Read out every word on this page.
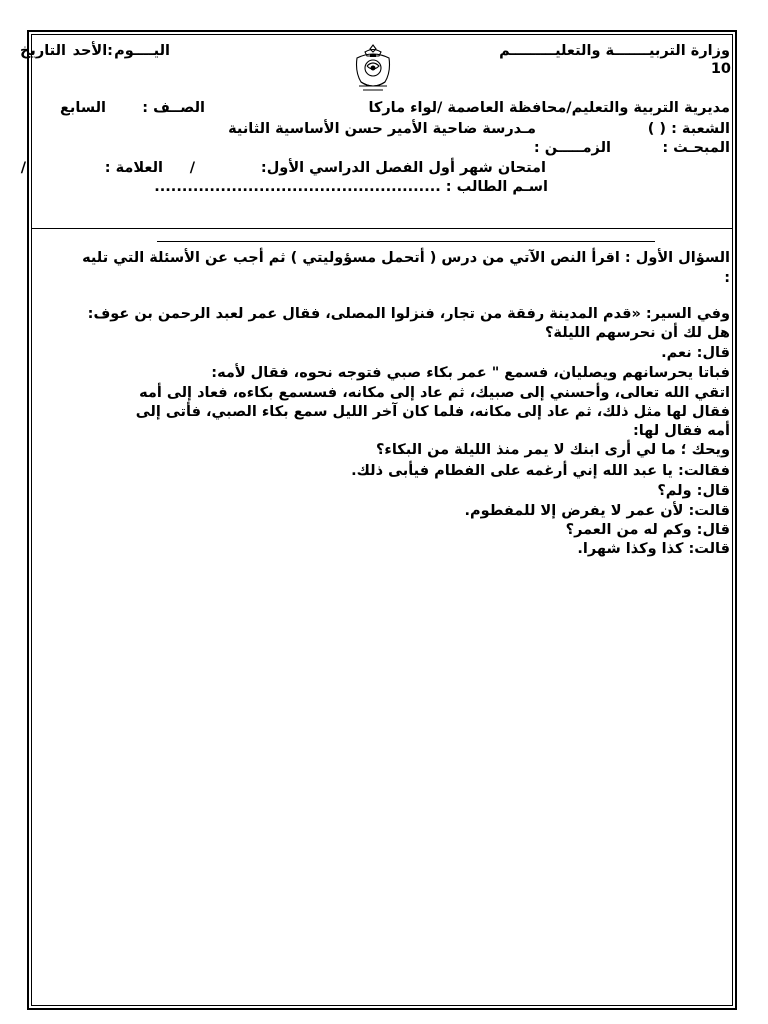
وزارة التربيـــــــة والتعليـــــــــم
اليــــوم
:الأحد
التاريخ
10
مديرية التربية والتعليم/محافظة العاصمة /لواء ماركا
الصــف :
السابع
الشعبة : ( )
مـدرسة ضاحية الأمير حسن الأساسية الثانية
المبحـث :
الزمـــــن :
امتحان شهر أول الفصل الدراسي الأول:
/
العلامة :
/
اسـم الطالب : ....................................................
السؤال الأول : اقرأ النص الآتي من درس ( أتحمل مسؤوليتي ) ثم أجب عن الأسئلة التي تليه
:
وفي السير: «قدم المدينة رفقة من تجار، فنزلوا المصلى، فقال عمر لعبد الرحمن بن عوف:
هل لك أن نحرسهم الليلة؟
قال: نعم.
فباتا يحرسانهم ويصليان، فسمع " عمر بكاء صبي فتوجه نحوه، فقال لأمه:
اتقي الله تعالى، وأحسني إلى صبيك، ثم عاد إلى مكانه، فسسمع بكاءه، فعاد إلى أمه
فقال لها مثل ذلك، ثم عاد إلى مكانه، فلما كان آخر الليل سمع بكاء الصبي، فأتى إلى
أمه فقال لها:
ويحك ؛ ما لي أرى ابنك لا يمر منذ الليلة من البكاء؟
فقالت: يا عبد الله إني أرغمه على الفطام فيأبى ذلك.
قال: ولم؟
قالت: لأن عمر لا يفرض إلا للمفطوم.
قال: وكم له من العمر؟
قالت: كذا وكذا شهرا.
